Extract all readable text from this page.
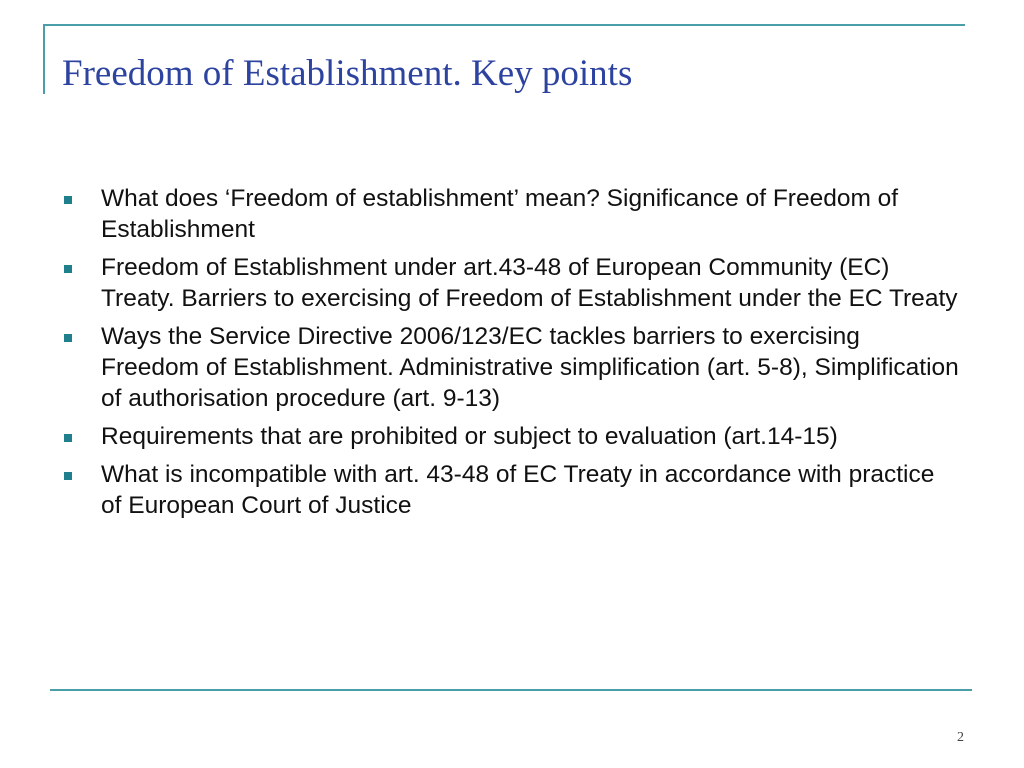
Freedom of Establishment. Key points
What does ‘Freedom of establishment’ mean? Significance of Freedom of Establishment
Freedom of Establishment under art.43-48 of European Community (EC) Treaty. Barriers to exercising of Freedom of Establishment under the EC Treaty
Ways the Service Directive 2006/123/EC tackles barriers to exercising Freedom of Establishment. Administrative simplification (art. 5-8), Simplification of authorisation procedure (art. 9-13)
Requirements that are prohibited or subject to evaluation (art.14-15)
What is incompatible with art. 43-48 of EC Treaty in accordance with practice of European Court of Justice
2
